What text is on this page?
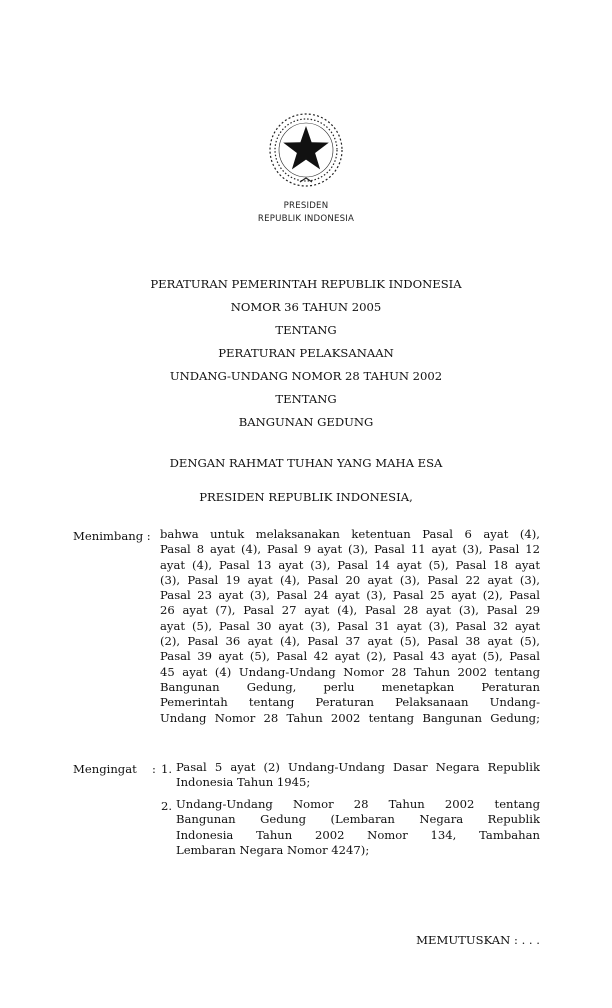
PRESIDEN
REPUBLIK INDONESIA
PERATURAN PEMERINTAH REPUBLIK INDONESIA
NOMOR 36 TAHUN 2005
TENTANG
PERATURAN PELAKSANAAN
UNDANG-UNDANG NOMOR 28 TAHUN 2002
TENTANG
BANGUNAN GEDUNG
DENGAN RAHMAT TUHAN YANG MAHA ESA
PRESIDEN REPUBLIK INDONESIA,
Menimbang : bahwa untuk melaksanakan ketentuan Pasal 6 ayat (4),
Pasal 8 ayat (4), Pasal 9 ayat (3), Pasal 11 ayat (3), Pasal 12
ayat (4), Pasal 13 ayat (3), Pasal 14 ayat (5), Pasal 18 ayat
(3), Pasal 19 ayat (4), Pasal 20 ayat (3), Pasal 22 ayat (3),
Pasal 23 ayat (3), Pasal 24 ayat (3), Pasal 25 ayat (2), Pasal
26 ayat (7), Pasal 27 ayat (4), Pasal 28 ayat (3), Pasal 29
ayat (5), Pasal 30 ayat (3), Pasal 31 ayat (3), Pasal 32 ayat
(2), Pasal 36 ayat (4), Pasal 37 ayat (5), Pasal 38 ayat (5),
Pasal 39 ayat (5), Pasal 42 ayat (2), Pasal 43 ayat (5), Pasal
45 ayat (4) Undang-Undang Nomor 28 Tahun 2002 tentang
Bangunan Gedung, perlu menetapkan Peraturan
Pemerintah tentang Peraturan Pelaksanaan Undang-
Undang Nomor 28 Tahun 2002 tentang Bangunan Gedung;
Mengingat : 1. Pasal 5 ayat (2) Undang-Undang Dasar Negara Republik
Indonesia Tahun 1945;
2. Undang-Undang Nomor 28 Tahun 2002 tentang
Bangunan Gedung (Lembaran Negara Republik
Indonesia Tahun 2002 Nomor 134, Tambahan
Lembaran Negara Nomor 4247);
MEMUTUSKAN : . . .
